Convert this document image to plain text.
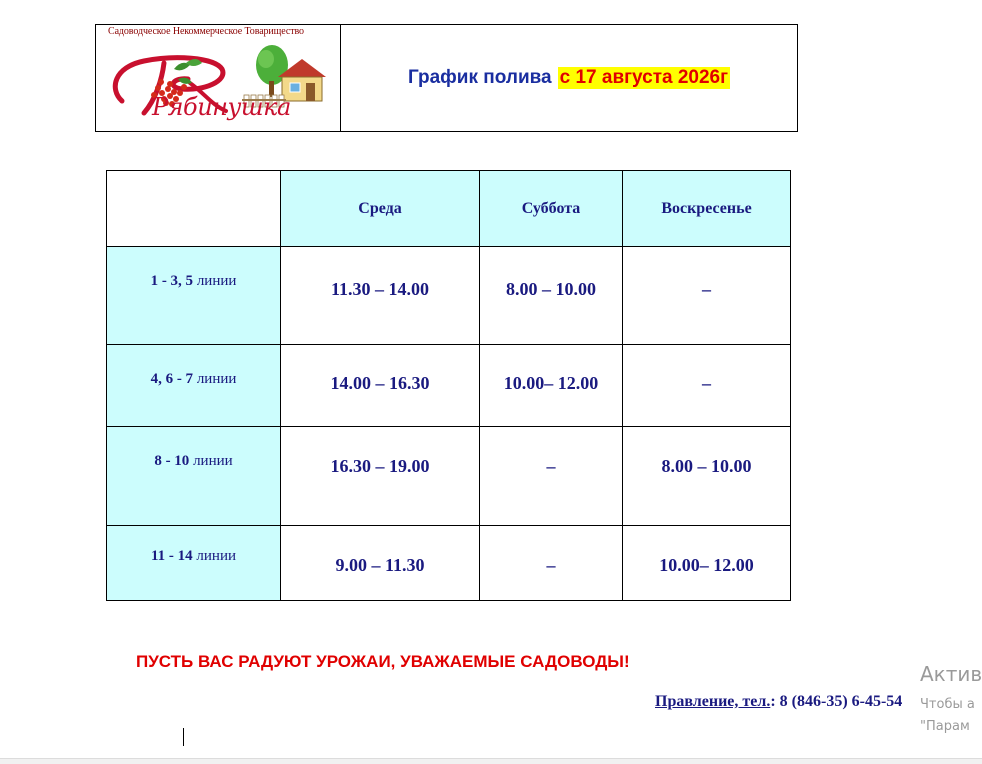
Садоводческое Некоммерческое Товарищество
Рябинушка
График полива с 17 августа 2026г
	Среда	Суббота	Воскресенье

1 - 3, 5 линии	11.30 – 14.00	8.00 – 10.00	–

4, 6 - 7 линии	14.00 – 16.30	10.00– 12.00	–

8 - 10 линии	16.30 – 19.00	–	8.00 – 10.00

11 - 14 линии	9.00 – 11.30	–	10.00– 12.00
ПУСТЬ ВАС РАДУЮТ УРОЖАИ, УВАЖАЕМЫЕ САДОВОДЫ!
Правление, тел.: 8 (846-35) 6-45-54
Актив
Чтобы а
"Парам
